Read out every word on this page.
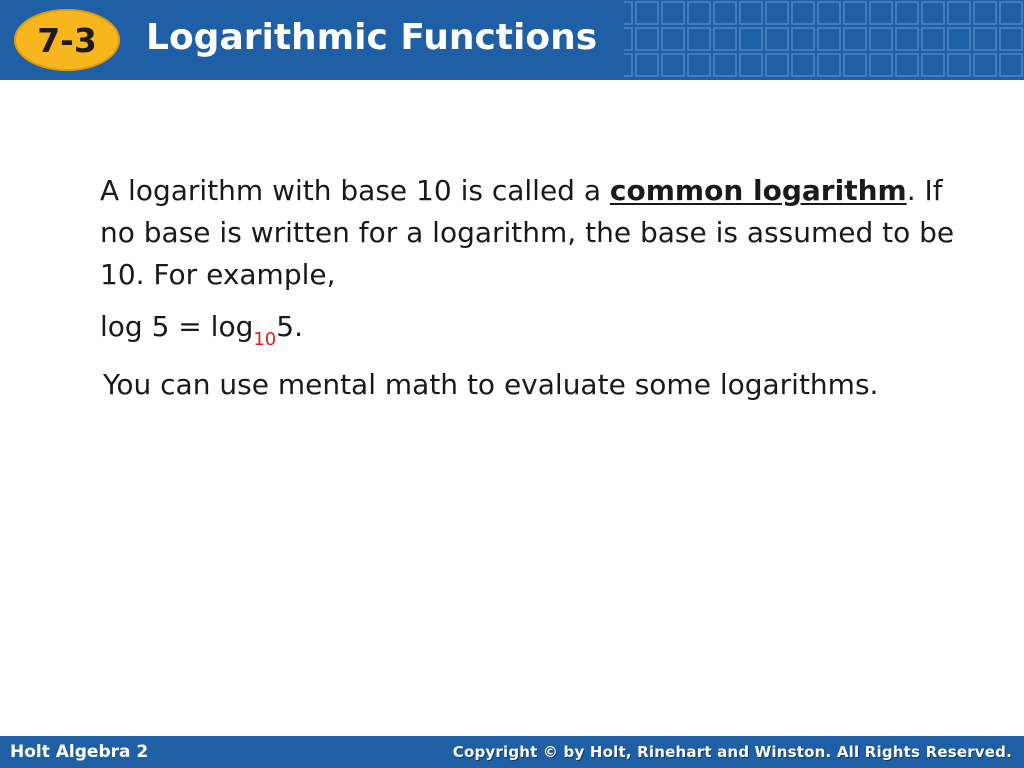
7-3 Logarithmic Functions

A logarithm with base 10 is called a common logarithm. If no base is written for a logarithm, the base is assumed to be 10. For example,

$\log 5 = \log_{10}5$.

You can use mental math to evaluate some logarithms.

Holt Algebra 2	Copyright © by Holt, Rinehart and Winston. All Rights Reserved.
